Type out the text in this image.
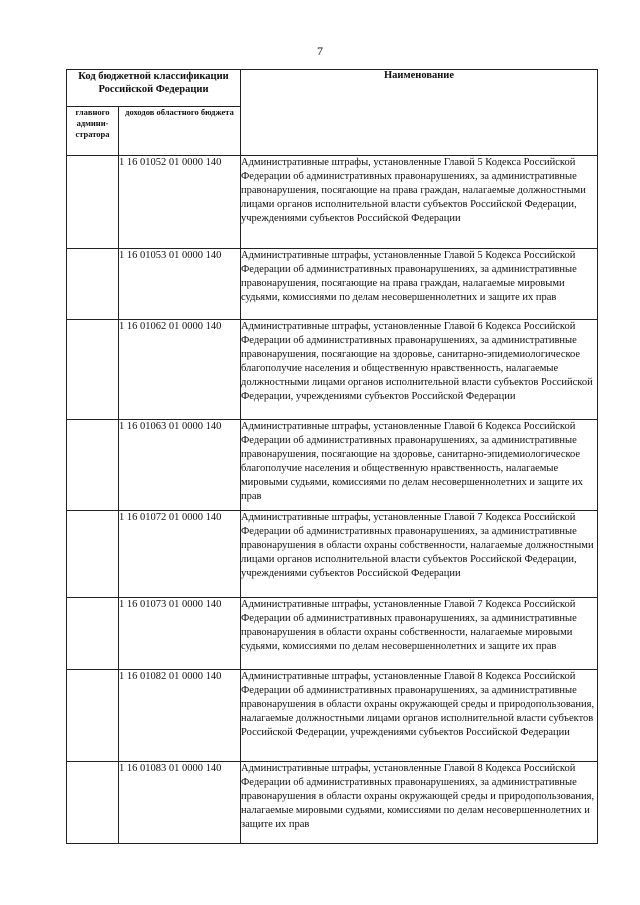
7
Код бюджетной классификации Российской Федерации		Наименование
главного админи-стратора	доходов областного бюджета	
	1 16 01052 01 0000 140	Административные штрафы, установленные Главой 5 Кодекса Российской Федерации об административных правонарушениях, за административные правонарушения, посягающие на права граждан, налагаемые должностными лицами органов исполнительной власти субъектов Российской Федерации, учреждениями субъектов Российской Федерации
	1 16 01053 01 0000 140	Административные штрафы, установленные Главой 5 Кодекса Российской Федерации об административных правонарушениях, за административные правонарушения, посягающие на права граждан, налагаемые мировыми судьями, комиссиями по делам несовершеннолетних и защите их прав
	1 16 01062 01 0000 140	Административные штрафы, установленные Главой 6 Кодекса Российской Федерации об административных правонарушениях, за административные правонарушения, посягающие на здоровье, санитарно-эпидемиологическое благополучие населения и общественную нравственность, налагаемые должностными лицами органов исполнительной власти субъектов Российской Федерации, учреждениями субъектов Российской Федерации
	1 16 01063 01 0000 140	Административные штрафы, установленные Главой 6 Кодекса Российской Федерации об административных правонарушениях, за административные правонарушения, посягающие на здоровье, санитарно-эпидемиологическое благополучие населения и общественную нравственность, налагаемые мировыми судьями, комиссиями по делам несовершеннолетних и защите их прав
	1 16 01072 01 0000 140	Административные штрафы, установленные Главой 7 Кодекса Российской Федерации об административных правонарушениях, за административные правонарушения в области охраны собственности, налагаемые должностными лицами органов исполнительной власти субъектов Российской Федерации, учреждениями субъектов Российской Федерации
	1 16 01073 01 0000 140	Административные штрафы, установленные Главой 7 Кодекса Российской Федерации об административных правонарушениях, за административные правонарушения в области охраны собственности, налагаемые мировыми судьями, комиссиями по делам несовершеннолетних и защите их прав
	1 16 01082 01 0000 140	Административные штрафы, установленные Главой 8 Кодекса Российской Федерации об административных правонарушениях, за административные правонарушения в области охраны окружающей среды и природопользования, налагаемые должностными лицами органов исполнительной власти субъектов Российской Федерации, учреждениями субъектов Российской Федерации
	1 16 01083 01 0000 140	Административные штрафы, установленные Главой 8 Кодекса Российской Федерации об административных правонарушениях, за административные правонарушения в области охраны окружающей среды и природопользования, налагаемые мировыми судьями, комиссиями по делам несовершеннолетних и защите их прав
